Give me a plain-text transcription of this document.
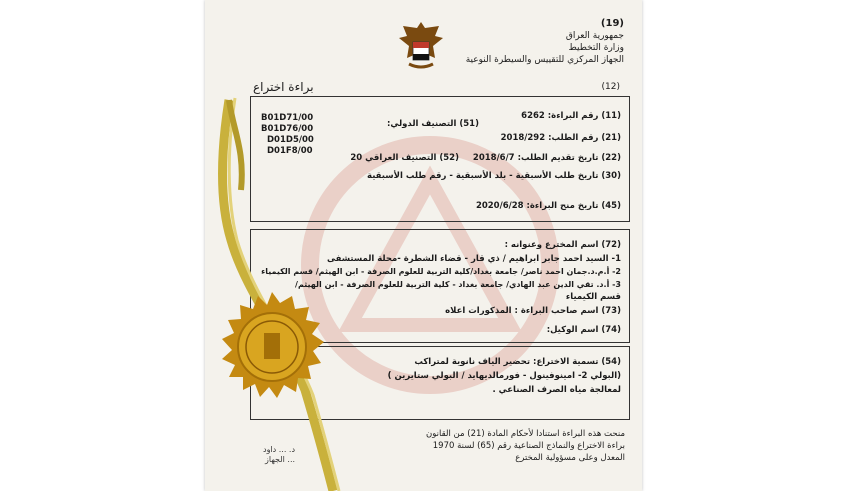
(19)
جمهورية العراق
وزارة التخطيط
الجهاز المركزي للتقييس والسيطرة النوعية
براءة اختراع	(12)
(11) رقم البراءة: 6262
(51) التصنيف الدولي:
B01D71/00
B01D76/00
D01D5/00
D01F8/00
(21) رقم الطلب: 2018/292
(22) تاريخ تقديم الطلب: 2018/6/7
(52) التصنيف العراقي 20
(30) تاريخ طلب الأسبقية - بلد الأسبقية - رقم طلب الأسبقية
(45) تاريخ منح البراءة: 2020/6/28
(72) اسم المخترع وعنوانه :
1- السيد احمد جابر ابراهيم / ذي قار - قضاء الشطرة -محلة المستشفى
2- أ.م.د.جمان احمد ناصر/ جامعة بغداد/كلية التربية للعلوم الصرفة - ابن الهيثم/ قسم الكيمياء
3- أ.د. تقي الدين عبد الهادي/ جامعة بغداد - كلية التربية للعلوم الصرفة - ابن الهيثم/
قسم الكيمياء
(73) اسم صاحب البراءة : المذكورات اعلاه
(74) اسم الوكيل:
(54) تسمية الاختراع: تحضير الياف نانوية لمتراكب
(البولي 2- امينوفينول - فورمالديهايد / البولي ستايرين )
لمعالجة مياه الصرف الصناعي .
منحت هذه البراءة استنادا لأحكام المادة (21) من القانون
براءة الاختراع والنماذج الصناعية رقم (65) لسنة 1970
المعدل وعلى مسؤولية المخترع
د. ... داود
... الجهاز
